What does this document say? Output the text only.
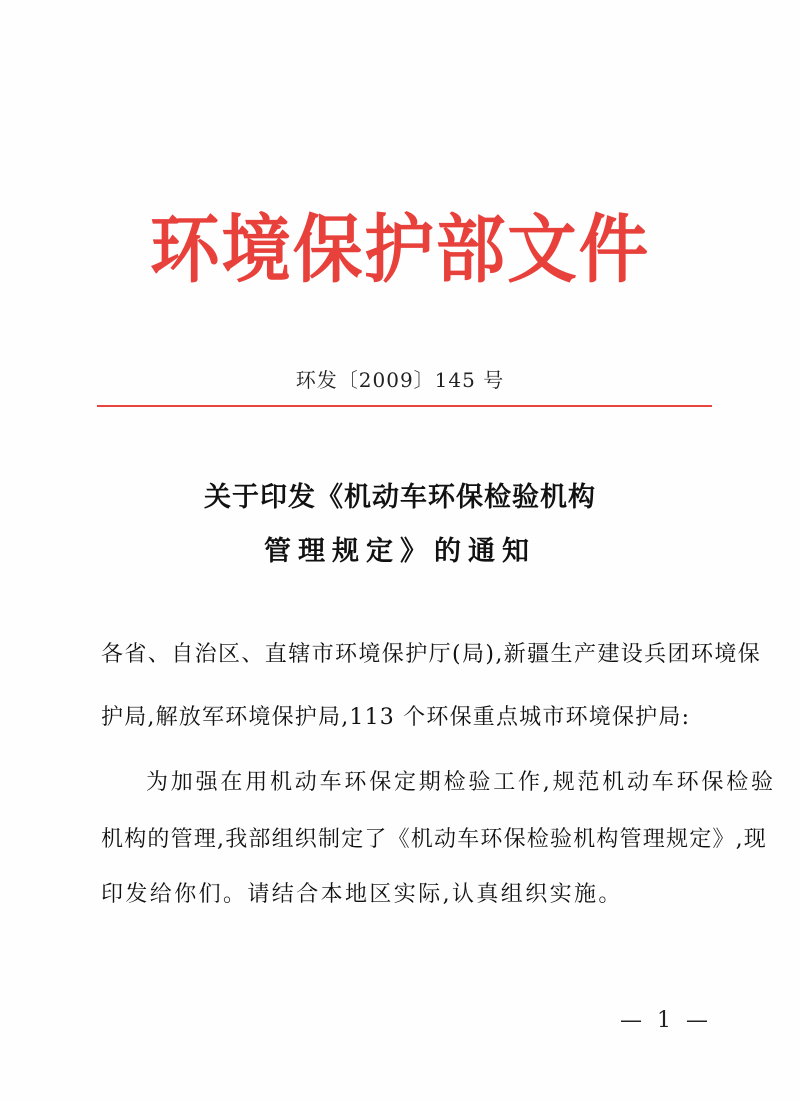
环境保护部文件
环发〔2009〕145 号
关于印发《机动车环保检验机构
管理规定》的通知
各省、自治区、直辖市环境保护厅(局),新疆生产建设兵团环境保
护局,解放军环境保护局,113 个环保重点城市环境保护局:
为加强在用机动车环保定期检验工作,规范机动车环保检验
机构的管理,我部组织制定了《机动车环保检验机构管理规定》,现
印发给你们。请结合本地区实际,认真组织实施。
— 1 —
